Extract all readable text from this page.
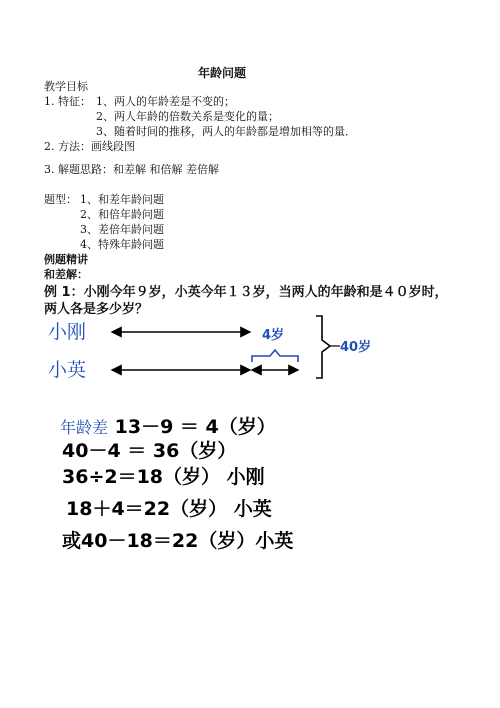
年龄问题
教学目标
1. 特征： 1、两人的年龄差是不变的；
2、两人年龄的倍数关系是变化的量；
3、随着时间的推移，两人的年龄都是增加相等的量．
2. 方法：画线段图
3. 解题思路：和差解 和倍解 差倍解
题型： 1、和差年龄问题
2、和倍年龄问题
3、差倍年龄问题
4、特殊年龄问题
例题精讲
和差解：
例 1：小刚今年９岁，小英今年１３岁，当两人的年龄和是４０岁时，
两人各是多少岁？
小刚
小英
4岁
40岁
年龄差 13－9 ＝ 4（岁）
40－4 ＝ 36（岁）
36÷2＝18（岁） 小刚
18＋4＝22（岁） 小英
或40－18＝22（岁）小英
